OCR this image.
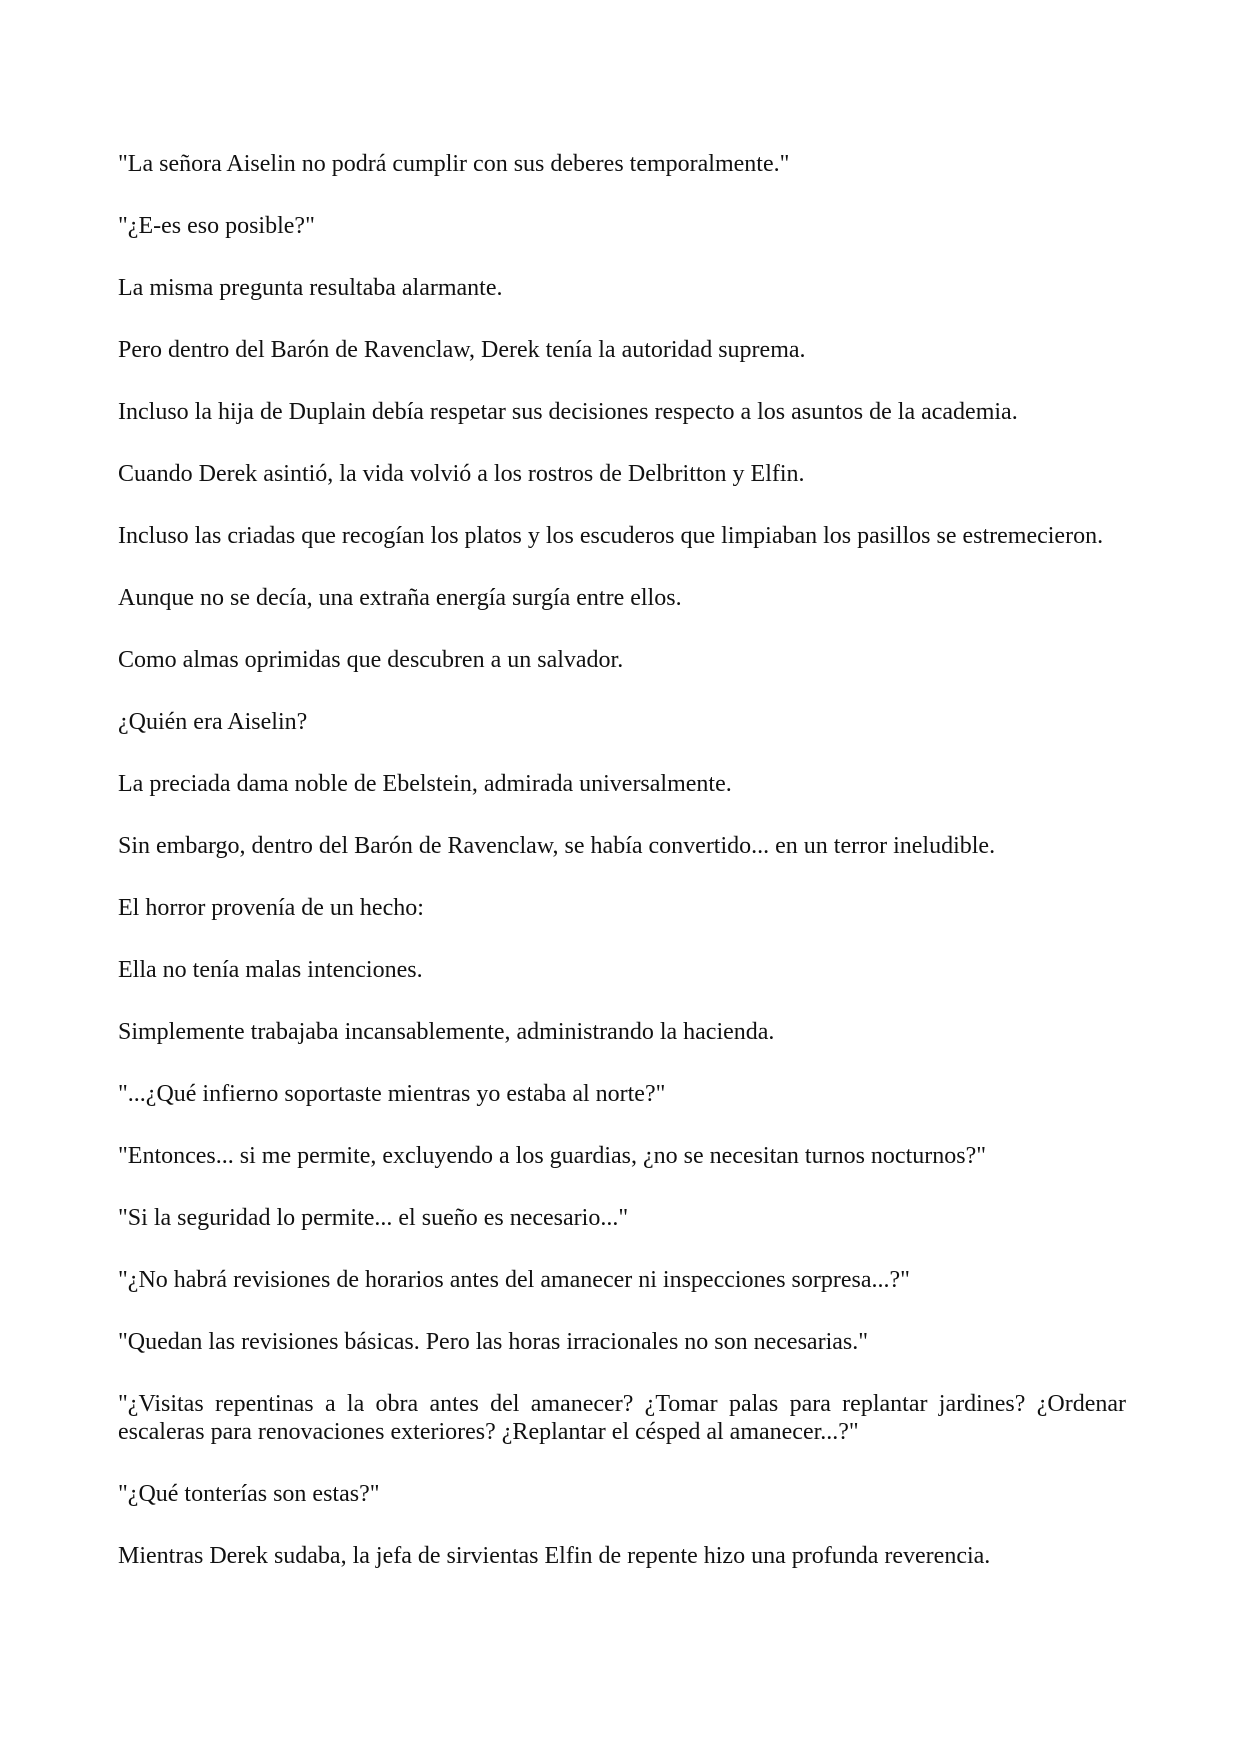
"La señora Aiselin no podrá cumplir con sus deberes temporalmente."

"¿E-es eso posible?"

La misma pregunta resultaba alarmante.

Pero dentro del Barón de Ravenclaw, Derek tenía la autoridad suprema.

Incluso la hija de Duplain debía respetar sus decisiones respecto a los asuntos de la academia.

Cuando Derek asintió, la vida volvió a los rostros de Delbritton y Elfin.

Incluso las criadas que recogían los platos y los escuderos que limpiaban los pasillos se estremecieron.

Aunque no se decía, una extraña energía surgía entre ellos.

Como almas oprimidas que descubren a un salvador.

¿Quién era Aiselin?

La preciada dama noble de Ebelstein, admirada universalmente.

Sin embargo, dentro del Barón de Ravenclaw, se había convertido... en un terror ineludible.

El horror provenía de un hecho:

Ella no tenía malas intenciones.

Simplemente trabajaba incansablemente, administrando la hacienda.

"...¿Qué infierno soportaste mientras yo estaba al norte?"

"Entonces... si me permite, excluyendo a los guardias, ¿no se necesitan turnos nocturnos?"

"Si la seguridad lo permite... el sueño es necesario..."

"¿No habrá revisiones de horarios antes del amanecer ni inspecciones sorpresa...?"

"Quedan las revisiones básicas. Pero las horas irracionales no son necesarias."

"¿Visitas repentinas a la obra antes del amanecer? ¿Tomar palas para replantar jardines? ¿Ordenar escaleras para renovaciones exteriores? ¿Replantar el césped al amanecer...?"

"¿Qué tonterías son estas?"

Mientras Derek sudaba, la jefa de sirvientas Elfin de repente hizo una profunda reverencia.
